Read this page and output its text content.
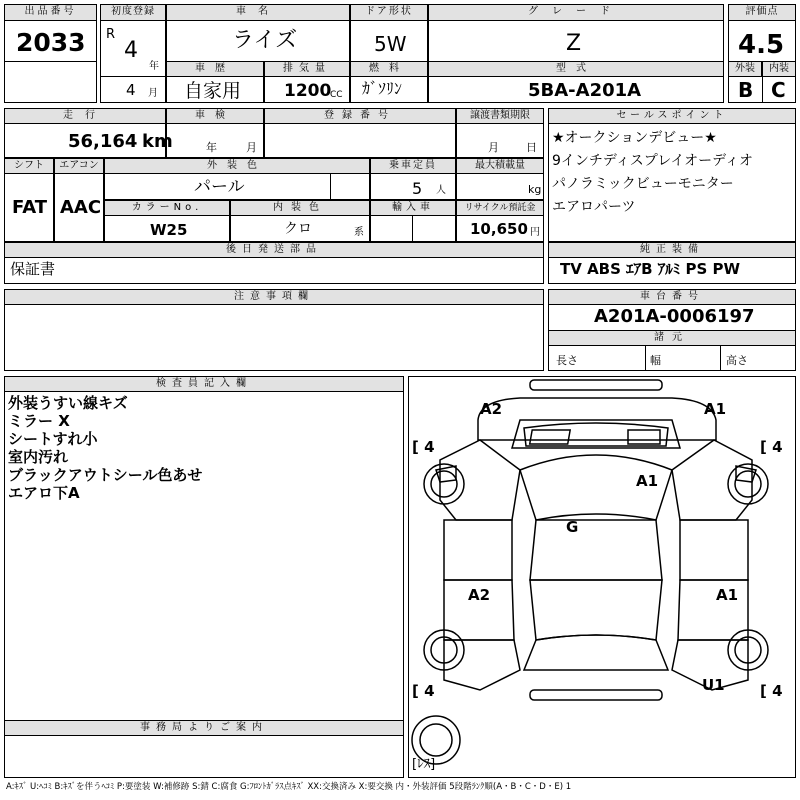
出品番号
2033
初度登録
R
4
年
4 月
車名
ライズ
ドア形状
5W
グレード
Z
評価点
4.5
車歴
自家用
排気量
1200
CC
燃料
ｶﾞｿﾘﾝ
型式
5BA-A201A
外装	内装
B C
走行
56,164 km
車検
年	月
登録番号	譲渡書類期限
月 日
シフト
FAT
エアコン
AAC
外装色
パール
乗車定員
5 人
最大積載量
kg
カラーNo.
W25
内装色
クロ	系
輸入車	リサイクル預託金
10,650 円
セールスポイント
★オークションデビュー★
9インチディスプレイオーディオ
パノラミックビューモニター
エアロパーツ
後日発送部品
保証書
純正装備
TV ABS ｴｱB ｱﾙﾐ PS PW
注意事項欄	車台番号
A201A-0006197
諸元
長さ	幅	高さ
検査員記入欄
外装うすい線キズ
ミラー X
シートすれ小
室内汚れ
ブラックアウトシール色あせ
エアロ下A
事務局よりご案内
A2	A1
A1
G
A2	A1
U1
[ 4	[ 4
[ 4	[ 4
[ﾚｽ]
A:ｷｽﾞ U:ﾍｺﾐ B:ｷｽﾞを伴うﾍｺﾐ P:要塗装 W:補修跡 S:錆 C:腐食 G:ﾌﾛﾝﾄｶﾞﾗｽ点ｷｽﾞ XX:交換済み X:要交換 内・外装評価 5段階ﾗﾝｸ順(A・B・C・D・E) 1
